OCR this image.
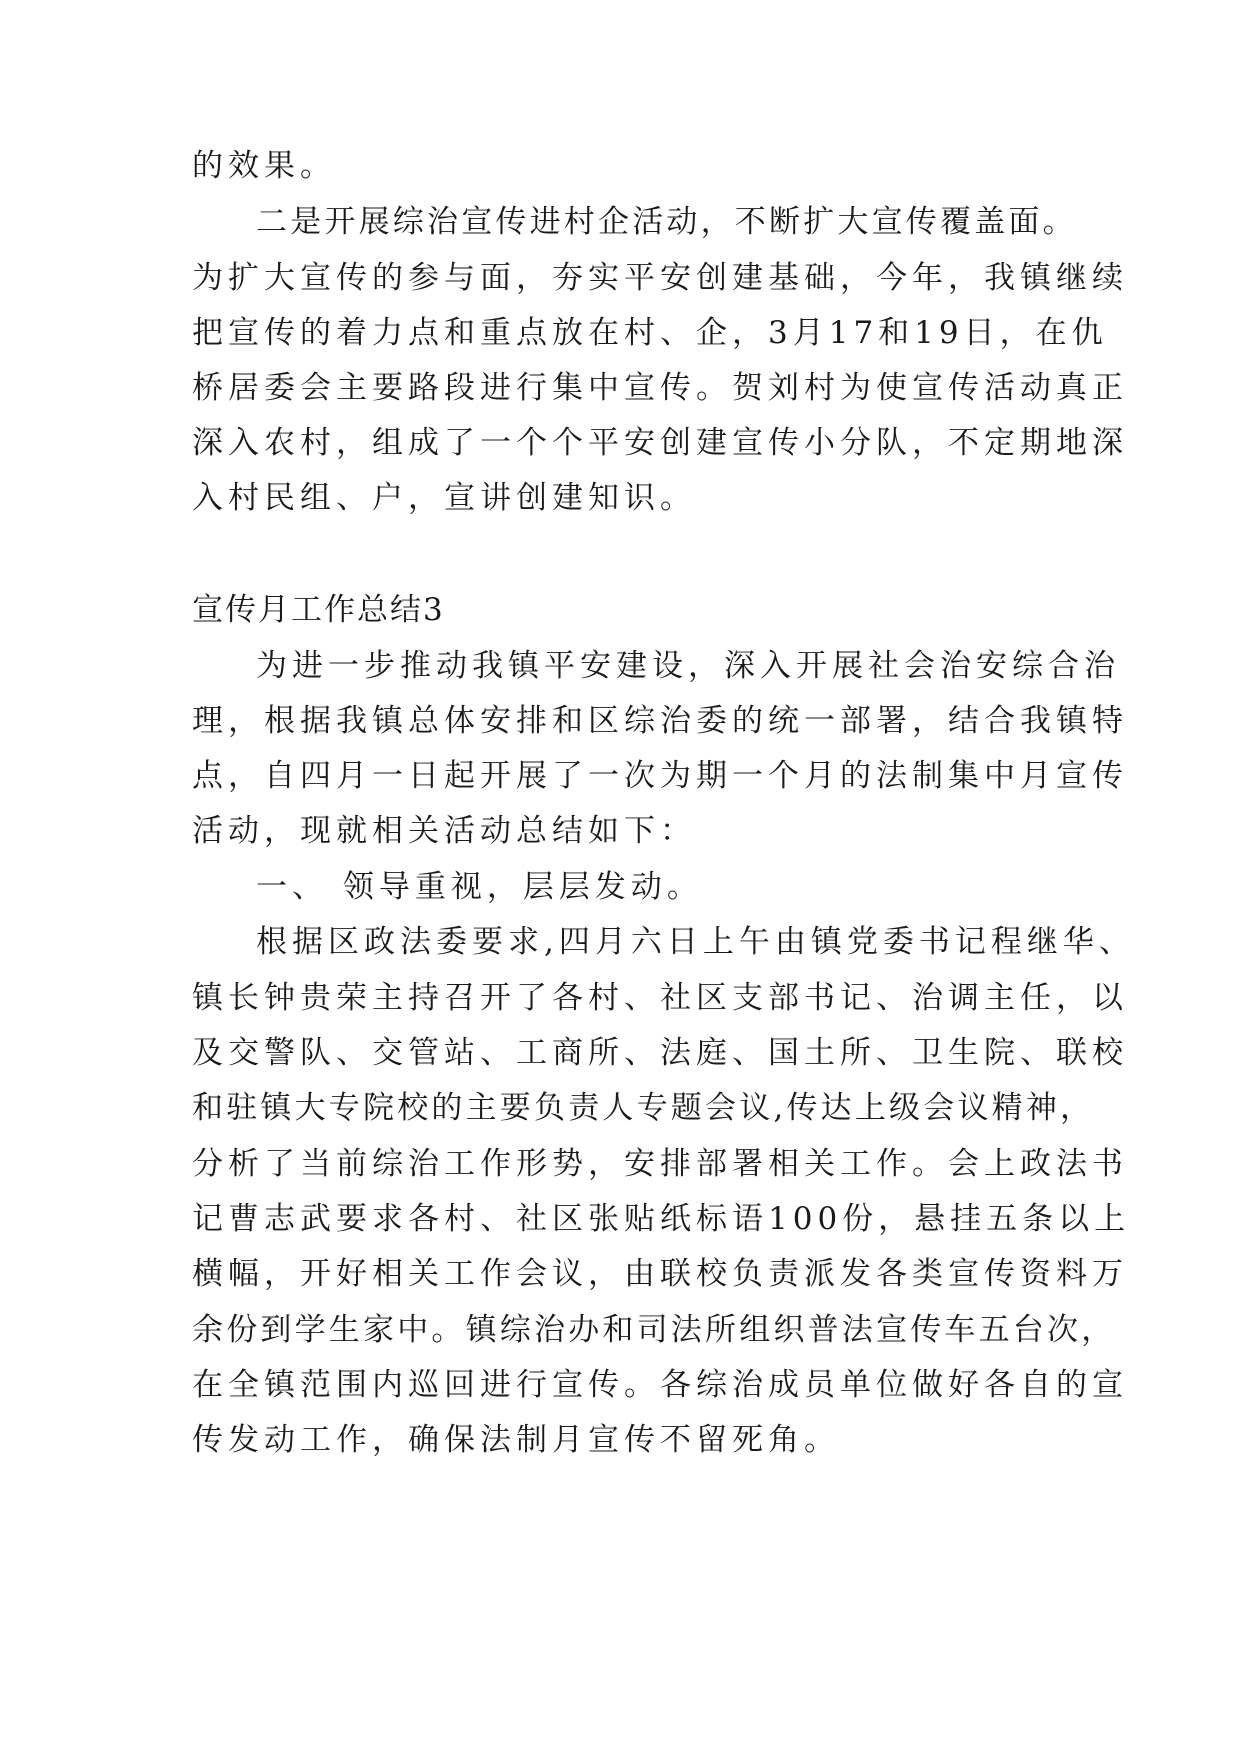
的效果。
二是开展综治宣传进村企活动，不断扩大宣传覆盖面。
为扩大宣传的参与面，夯实平安创建基础，今年，我镇继续
把宣传的着力点和重点放在村、企，3月17和19日，在仇
桥居委会主要路段进行集中宣传。贺刘村为使宣传活动真正
深入农村，组成了一个个平安创建宣传小分队，不定期地深
入村民组、户，宣讲创建知识。
宣传月工作总结3
为进一步推动我镇平安建设，深入开展社会治安综合治
理，根据我镇总体安排和区综治委的统一部署，结合我镇特
点，自四月一日起开展了一次为期一个月的法制集中月宣传
活动，现就相关活动总结如下：
一、 领导重视，层层发动。
根据区政法委要求,四月六日上午由镇党委书记程继华、
镇长钟贵荣主持召开了各村、社区支部书记、治调主任，以
及交警队、交管站、工商所、法庭、国土所、卫生院、联校
和驻镇大专院校的主要负责人专题会议,传达上级会议精神，
分析了当前综治工作形势，安排部署相关工作。会上政法书
记曹志武要求各村、社区张贴纸标语100份，悬挂五条以上
横幅，开好相关工作会议，由联校负责派发各类宣传资料万
余份到学生家中。镇综治办和司法所组织普法宣传车五台次，
在全镇范围内巡回进行宣传。各综治成员单位做好各自的宣
传发动工作，确保法制月宣传不留死角。
